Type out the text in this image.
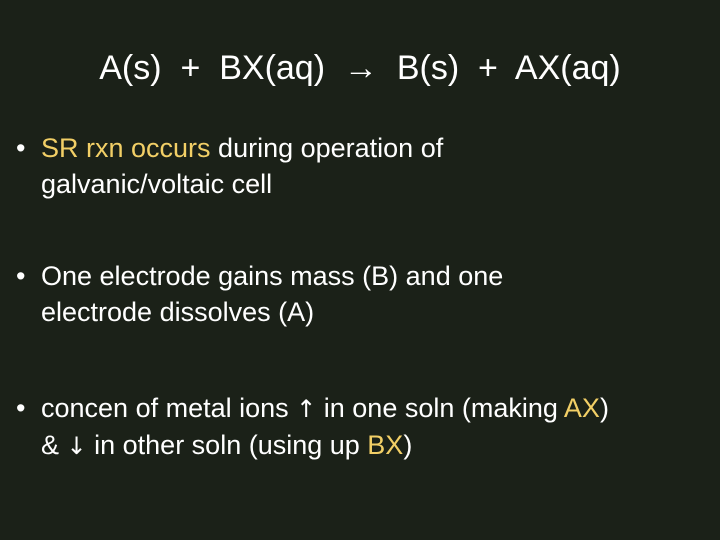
A(s)  +  BX(aq)  →  B(s)  +  AX(aq)
• SR rxn occurs during operation of
galvanic/voltaic cell
• One electrode gains mass (B) and one
electrode dissolves (A)
• concen of metal ions ↑ in one soln (making AX)
& ↓ in other soln (using up BX)
